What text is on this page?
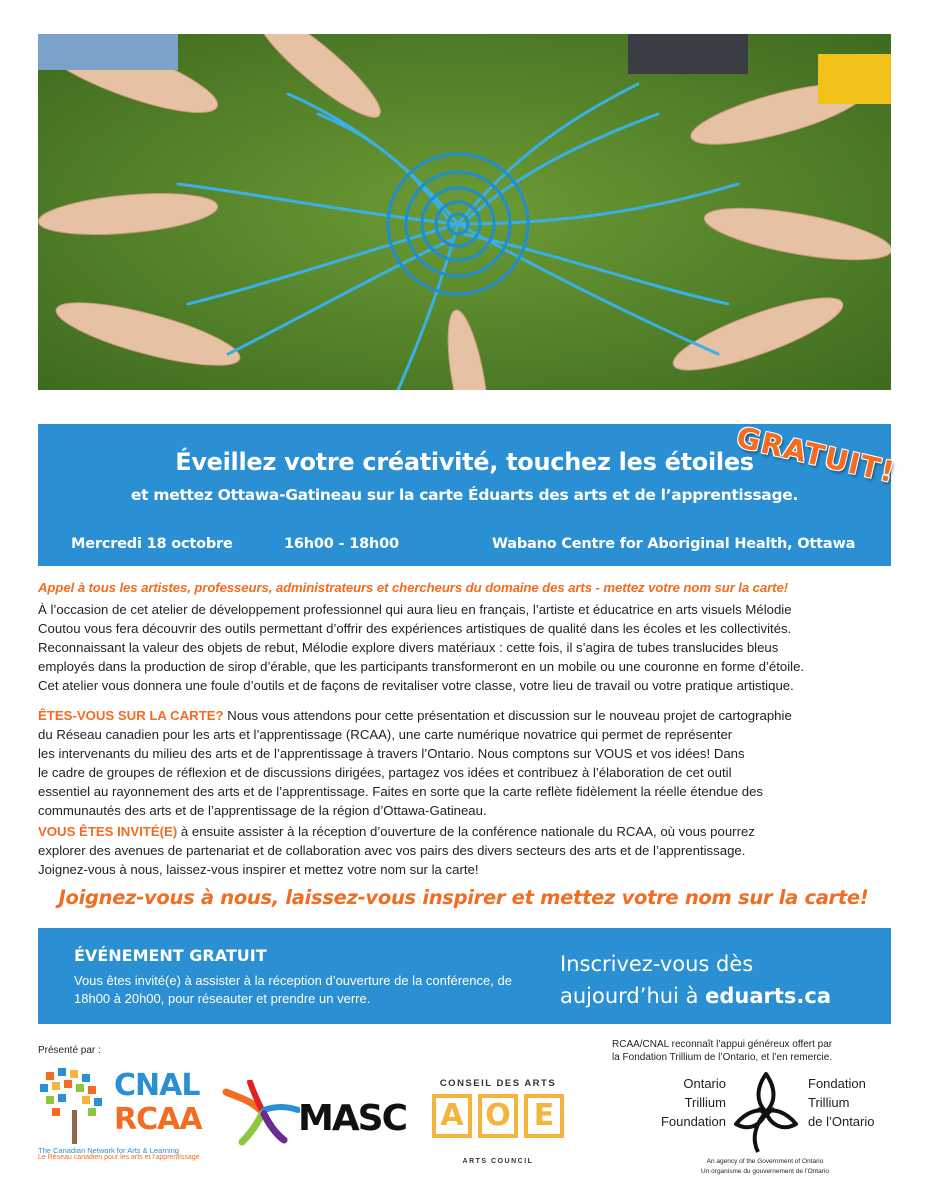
Éveillez votre créativité, touchez les étoiles
et mettez Ottawa-Gatineau sur la carte Éduarts des arts et de l’apprentissage.
Mercredi 18 octobre	16h00 - 18h00	Wabano Centre for Aboriginal Health, Ottawa
GRATUIT!
Appel à tous les artistes, professeurs, administrateurs et chercheurs du domaine des arts - mettez votre nom sur la carte!
À l’occasion de cet atelier de développement professionnel qui aura lieu en français, l’artiste et éducatrice en arts visuels Mélodie
Coutou vous fera découvrir des outils permettant d’offrir des expériences artistiques de qualité dans les écoles et les collectivités.
Reconnaissant la valeur des objets de rebut, Mélodie explore divers matériaux : cette fois, il s’agira de tubes translucides bleus
employés dans la production de sirop d’érable, que les participants transformeront en un mobile ou une couronne en forme d’étoile.
Cet atelier vous donnera une foule d’outils et de façons de revitaliser votre classe, votre lieu de travail ou votre pratique artistique.
ÊTES-VOUS SUR LA CARTE? Nous vous attendons pour cette présentation et discussion sur le nouveau projet de cartographie
du Réseau canadien pour les arts et l’apprentissage (RCAA), une carte numérique novatrice qui permet de représenter
les intervenants du milieu des arts et de l’apprentissage à travers l’Ontario. Nous comptons sur VOUS et vos idées! Dans
le cadre de groupes de réflexion et de discussions dirigées, partagez vos idées et contribuez à l’élaboration de cet outil
essentiel au rayonnement des arts et de l’apprentissage. Faites en sorte que la carte reflète fidèlement la réelle étendue des
communautés des arts et de l’apprentissage de la région d’Ottawa-Gatineau.
VOUS ÊTES INVITÉ(E) à ensuite assister à la réception d’ouverture de la conférence nationale du RCAA, où vous pourrez
explorer des avenues de partenariat et de collaboration avec vos pairs des divers secteurs des arts et de l’apprentissage.
Joignez-vous à nous, laissez-vous inspirer et mettez votre nom sur la carte!
Joignez-vous à nous, laissez-vous inspirer et mettez votre nom sur la carte!
ÉVÉNEMENT GRATUIT
Vous êtes invité(e) à assister à la réception d’ouverture de la conférence, de 18h00 à 20h00, pour réseauter et prendre un verre.
Inscrivez-vous dès
aujourd’hui à eduarts.ca
Présenté par :
RCAA/CNAL reconnaît l’appui généreux offert par
la Fondation Trillium de l’Ontario, et l’en remercie.
CNAL
RCAA
The Canadian Network for Arts & Learning
Le Réseau canadien pour les arts et l’apprentissage
MASC
CONSEIL DES ARTS
A O E
ARTS COUNCIL
Ontario
Trillium
Foundation
Fondation
Trillium
de l’Ontario
An agency of the Government of Ontario
Un organisme du gouvernement de l’Ontario
